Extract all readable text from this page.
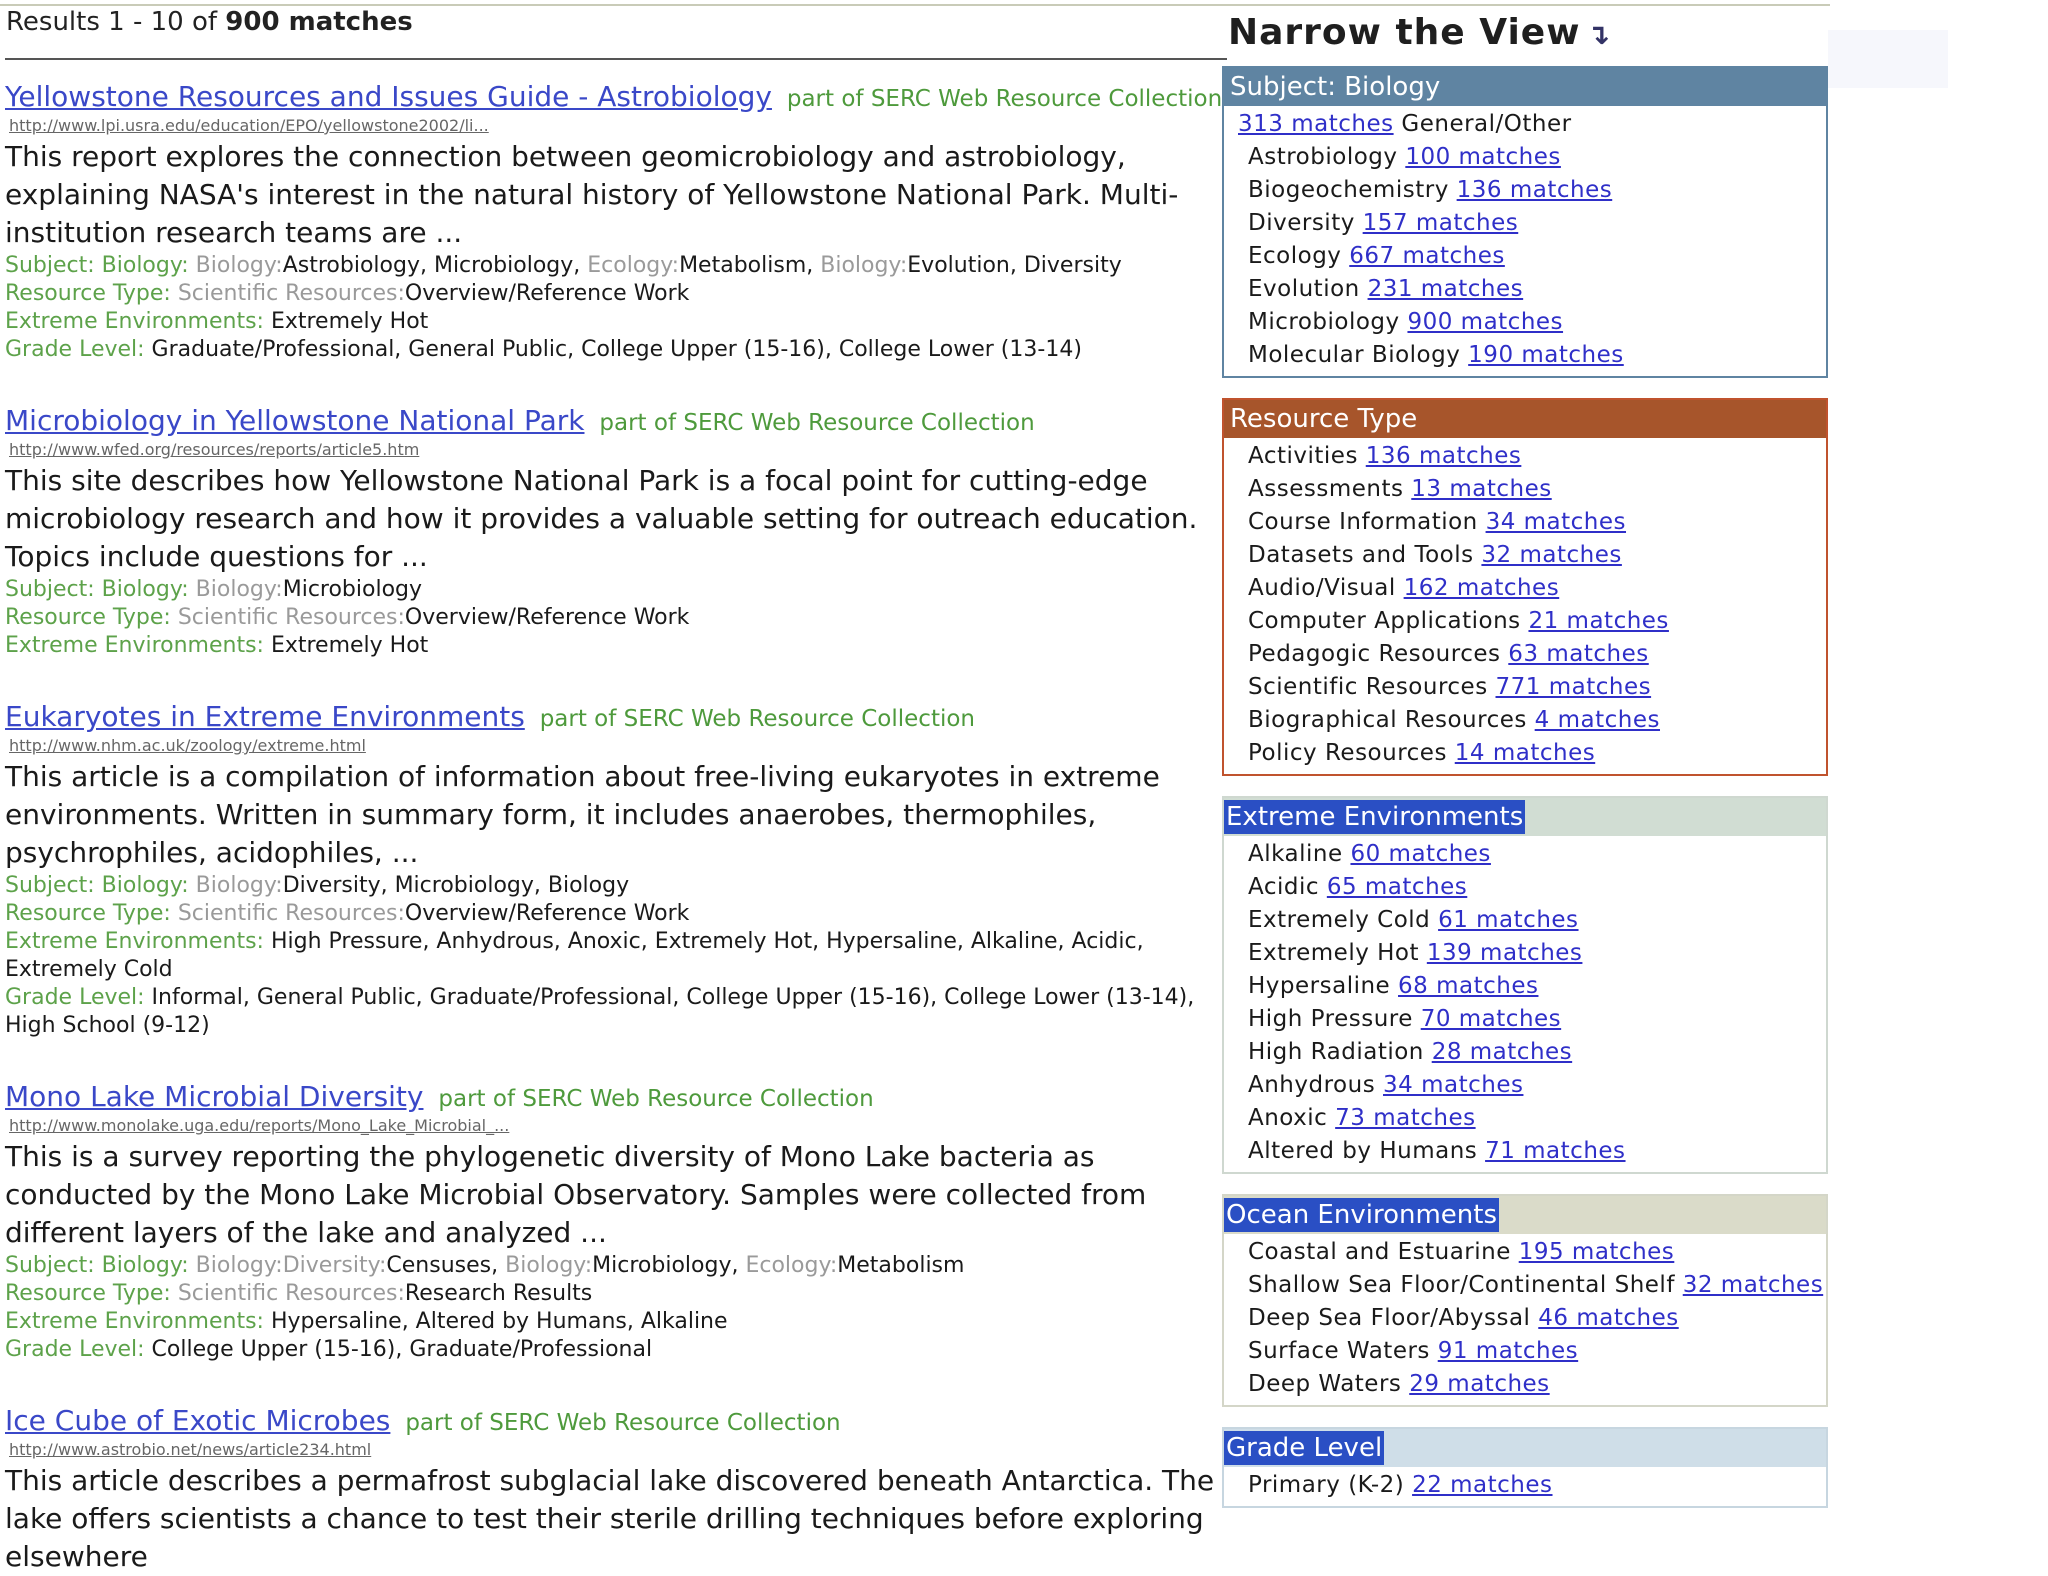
Results 1 - 10 of 900 matches
Yellowstone Resources and Issues Guide - Astrobiology part of SERC Web Resource Collection
http://www.lpi.usra.edu/education/EPO/yellowstone2002/li...

This report explores the connection between geomicrobiology and astrobiology, explaining NASA's interest in the natural history of Yellowstone National Park. Multi-institution research teams are ...

Subject: Biology: Biology:Astrobiology, Microbiology, Ecology:Metabolism, Biology:Evolution, Diversity
Resource Type: Scientific Resources:Overview/Reference Work
Extreme Environments: Extremely Hot
Grade Level: Graduate/Professional, General Public, College Upper (15-16), College Lower (13-14)
Microbiology in Yellowstone National Park part of SERC Web Resource Collection
http://www.wfed.org/resources/reports/article5.htm

This site describes how Yellowstone National Park is a focal point for cutting-edge microbiology research and how it provides a valuable setting for outreach education. Topics include questions for ...

Subject: Biology: Biology:Microbiology
Resource Type: Scientific Resources:Overview/Reference Work
Extreme Environments: Extremely Hot
Eukaryotes in Extreme Environments part of SERC Web Resource Collection
http://www.nhm.ac.uk/zoology/extreme.html

This article is a compilation of information about free-living eukaryotes in extreme environments. Written in summary form, it includes anaerobes, thermophiles, psychrophiles, acidophiles, ...

Subject: Biology: Biology:Diversity, Microbiology, Biology
Resource Type: Scientific Resources:Overview/Reference Work
Extreme Environments: High Pressure, Anhydrous, Anoxic, Extremely Hot, Hypersaline, Alkaline, Acidic, Extremely Cold
Grade Level: Informal, General Public, Graduate/Professional, College Upper (15-16), College Lower (13-14), High School (9-12)
Mono Lake Microbial Diversity part of SERC Web Resource Collection
http://www.monolake.uga.edu/reports/Mono_Lake_Microbial_...

This is a survey reporting the phylogenetic diversity of Mono Lake bacteria as conducted by the Mono Lake Microbial Observatory. Samples were collected from different layers of the lake and analyzed ...

Subject: Biology: Biology:Diversity:Censuses, Biology:Microbiology, Ecology:Metabolism
Resource Type: Scientific Resources:Research Results
Extreme Environments: Hypersaline, Altered by Humans, Alkaline
Grade Level: College Upper (15-16), Graduate/Professional
Ice Cube of Exotic Microbes part of SERC Web Resource Collection
http://www.astrobio.net/news/article234.html

This article describes a permafrost subglacial lake discovered beneath Antarctica. The lake offers scientists a chance to test their sterile drilling techniques before exploring elsewhere

Narrow the View ↴
Subject: Biology
313 matches General/Other
Astrobiology 100 matches
Biogeochemistry 136 matches
Diversity 157 matches
Ecology 667 matches
Evolution 231 matches
Microbiology 900 matches
Molecular Biology 190 matches
Resource Type
Activities 136 matches
Assessments 13 matches
Course Information 34 matches
Datasets and Tools 32 matches
Audio/Visual 162 matches
Computer Applications 21 matches
Pedagogic Resources 63 matches
Scientific Resources 771 matches
Biographical Resources 4 matches
Policy Resources 14 matches
Extreme Environments
Alkaline 60 matches
Acidic 65 matches
Extremely Cold 61 matches
Extremely Hot 139 matches
Hypersaline 68 matches
High Pressure 70 matches
High Radiation 28 matches
Anhydrous 34 matches
Anoxic 73 matches
Altered by Humans 71 matches
Ocean Environments
Coastal and Estuarine 195 matches
Shallow Sea Floor/Continental Shelf 32 matches
Deep Sea Floor/Abyssal 46 matches
Surface Waters 91 matches
Deep Waters 29 matches
Grade Level
Primary (K-2) 22 matches
